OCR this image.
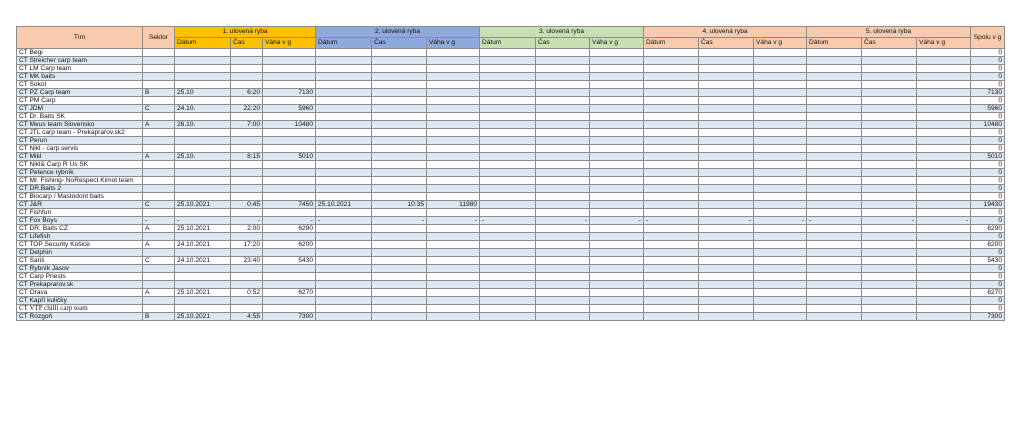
Tím	Sektor	1. ulovená ryba			2. ulovená ryba			3. ulovená ryba			4. ulovená ryba			5. ulovená ryba			Spolu v g
		Dátum	Čas	Váha v g	Dátum	Čas	Váha v g	Dátum	Čas	Váha v g	Dátum	Čas	Váha v g	Dátum	Čas	Váha v g	
CT Begi																	0
CT Streicher carp team																	0
CT LM Carp team																	0
CT MK baits																	0
CT Sokol																	0
CT PZ Carp team	B	25.10	6:20	7130													7130
CT PM Carp																	0
CT JDM	C	24.10.	22:20	5960													5960
CT Dr. Baits SK																	0
CT Meus team Slovensko	A	26.10.	7:00	10480													10480
CT JTL carp team - Prekaprarov.sk2																	0
CT Perun																	0
CT Nikl - carp servis																	0
CT Mikl	A	25.10.	8:15	5010													5010
CT Nikl& Carp R Us SK																	0
CT Petence rybník																	0
CT Mr. Fishing- NoRespect Kimot team																	0
CT DR.Baits 2																	0
CT Biocarp / Mastodont baits																	0
CT J&R	C	25.10.2021	0:45	7450	25.10.2021	10:35	11980										19430
CT Fishfun																	0
CT Fox Boys	-	-	-	-	-	-	-	-	-	-	-	-	-	-	-	-	0
CT DR. Baits CZ	A	25.10.2021	2:00	6290													6290
CT Lifefish																	0
CT TOP Security Košice	A	24.10.2021	17:20	6200													6200
CT Delphin																	0
CT Šariš	C	24.10.2021	23:40	5430													5430
CT Rybník Jasov																	0
CT Carp Priests																	0
CT Prekaprarov.sk																	0
CT Orava	A	25.10.2021	0:52	6270													6270
CT Kapří kuličky																	0
CT VTP chilli carp team																	0
CT Rozgoň	B	25.10.2021	4:55	7300													7300
